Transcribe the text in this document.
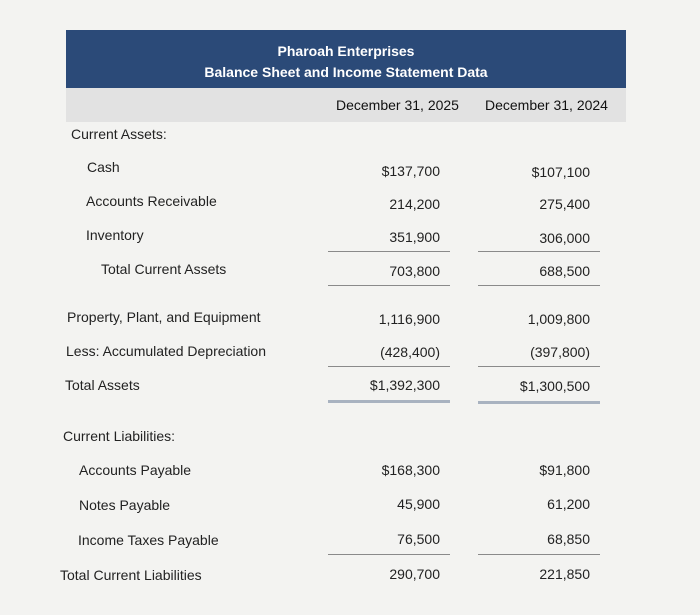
Pharoah Enterprises
Balance Sheet and Income Statement Data
December 31, 2025 December 31, 2024
Current Assets:
Cash	$137,700	$107,100
Accounts Receivable	214,200	275,400
Inventory	351,900	306,000
Total Current Assets	703,800	688,500
Property, Plant, and Equipment	1,116,900	1,009,800
Less: Accumulated Depreciation	(428,400)	(397,800)
Total Assets	$1,392,300	$1,300,500
Current Liabilities:
Accounts Payable	$168,300	$91,800
Notes Payable	45,900	61,200
Income Taxes Payable	76,500	68,850
Total Current Liabilities	290,700	221,850
